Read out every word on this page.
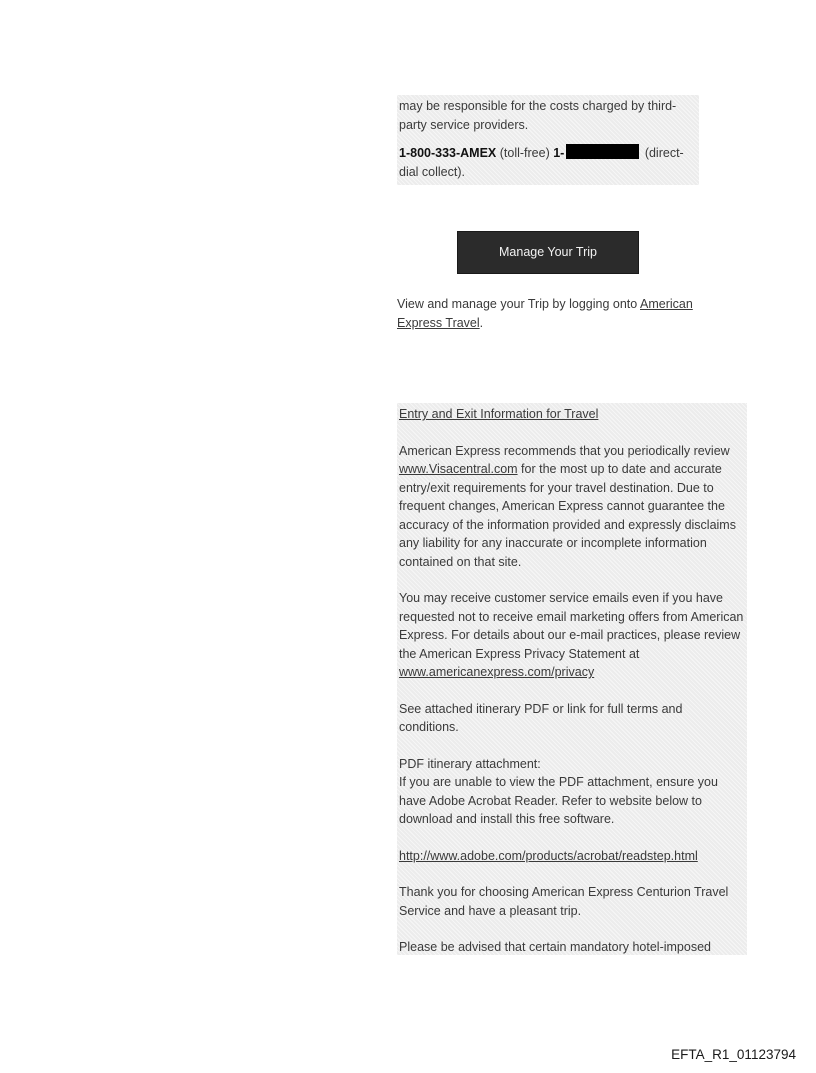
may be responsible for the costs charged by third-party service providers.

1-800-333-AMEX (toll-free) 1-	(direct-dial collect).

Manage Your Trip

View and manage your Trip by logging onto American Express Travel.

Entry and Exit Information for Travel

American Express recommends that you periodically review www.Visacentral.com for the most up to date and accurate entry/exit requirements for your travel destination. Due to frequent changes, American Express cannot guarantee the accuracy of the information provided and expressly disclaims any liability for any inaccurate or incomplete information contained on that site.

You may receive customer service emails even if you have requested not to receive email marketing offers from American Express. For details about our e-mail practices, please review the American Express Privacy Statement at
www.americanexpress.com/privacy

See attached itinerary PDF or link for full terms and conditions.

PDF itinerary attachment:
If you are unable to view the PDF attachment, ensure you have Adobe Acrobat Reader. Refer to website below to download and install this free software.

http://www.adobe.com/products/acrobat/readstep.html

Thank you for choosing American Express Centurion Travel Service and have a pleasant trip.

Please be advised that certain mandatory hotel-imposed

EFTA_R1_01123794
